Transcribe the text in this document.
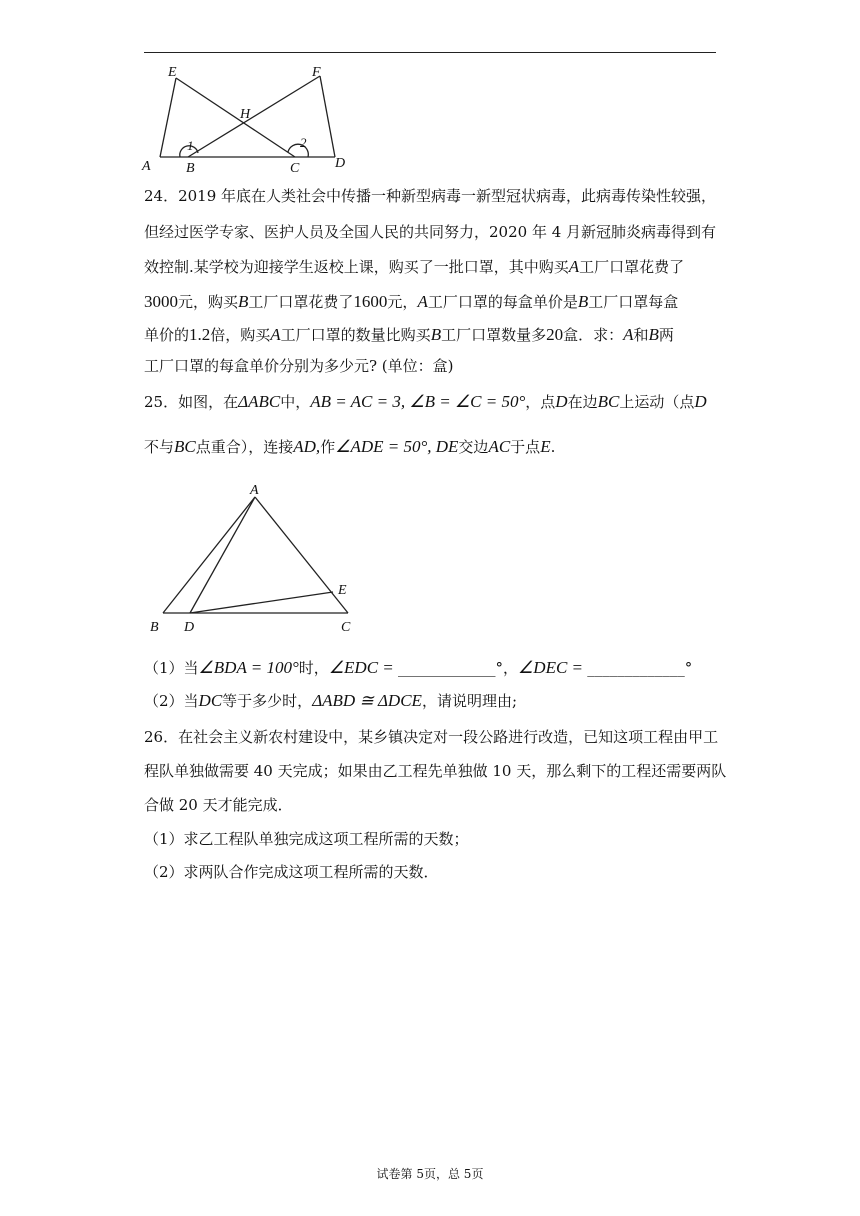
E	F
H
A	B	C	D
1	2
24．2019 年底在人类社会中传播一种新型病毒一新型冠状病毒，此病毒传染性较强，
但经过医学专家、医护人员及全国人民的共同努力，2020 年 4 月新冠肺炎病毒得到有
效控制.某学校为迎接学生返校上课，购买了一批口罩，其中购买A工厂口罩花费了
3000元，购买B工厂口罩花费了1600元，A工厂口罩的每盒单价是B工厂口罩每盒
单价的1.2倍，购买A工厂口罩的数量比购买B工厂口罩数量多20盒．求：A和B两
工厂口罩的每盒单价分别为多少元? (单位：盒)
25．如图，在ΔABC中，AB = AC = 3, ∠B = ∠C = 50°，点D在边BC上运动（点D
不与BC点重合），连接AD,作∠ADE = 50°, DE交边AC于点E.
A
B D	C
E
（1）当∠BDA = 100°时，∠EDC = _____________°，∠DEC = _____________°
（2）当DC等于多少时，ΔABD ≅ ΔDCE，请说明理由;
26．在社会主义新农村建设中，某乡镇决定对一段公路进行改造，已知这项工程由甲工
程队单独做需要 40 天完成；如果由乙工程先单独做 10 天，那么剩下的工程还需要两队
合做 20 天才能完成．
（1）求乙工程队单独完成这项工程所需的天数；
（2）求两队合作完成这项工程所需的天数．
试卷第 5页，总 5页
